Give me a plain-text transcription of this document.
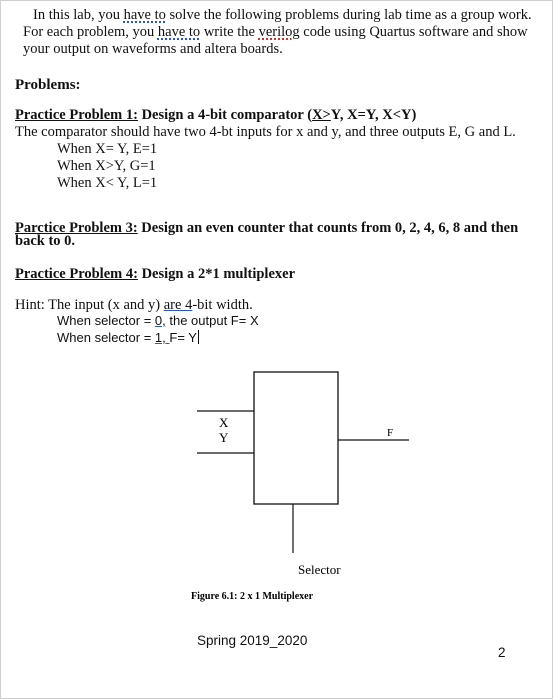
In this lab, you have to solve the following problems during lab time as a group work.
For each problem, you have to write the verilog code using Quartus software and show
your output on waveforms and altera boards.
Problems:
Practice Problem 1: Design a 4-bit comparator (X>Y, X=Y, X<Y)
The comparator should have two 4-bt inputs for x and y, and three outputs E, G and L.
When X= Y, E=1
When X>Y, G=1
When X< Y, L=1
Parctice Problem 3: Design an even counter that counts from 0, 2, 4, 6, 8 and then
back to 0.
Practice Problem 4: Design a 2*1 multiplexer
Hint: The input (x and y) are 4-bit width.
When selector = 0, the output F= X
When selector = 1, F= Y
X
Y	F
Selector
Figure 6.1: 2 x 1 Multiplexer
Spring 2019_2020
2
